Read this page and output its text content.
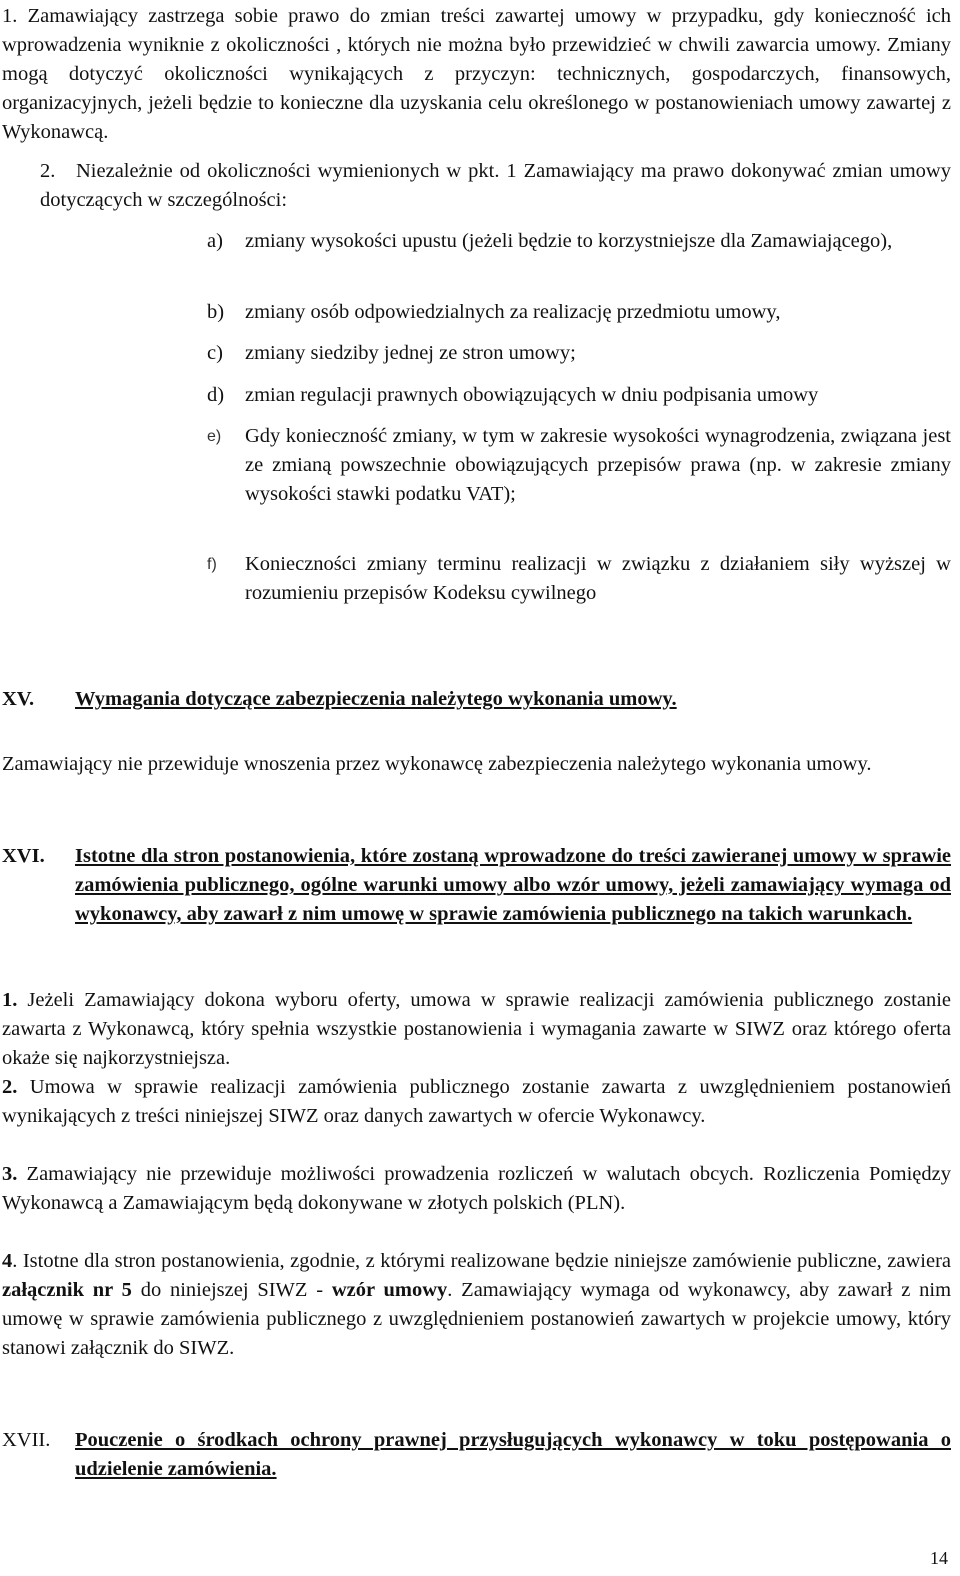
1. Zamawiający zastrzega sobie prawo do zmian treści zawartej umowy w przypadku, gdy konieczność ich wprowadzenia wyniknie z okoliczności , których nie można było przewidzieć w chwili zawarcia umowy. Zmiany mogą dotyczyć okoliczności wynikających z przyczyn: technicznych, gospodarczych, finansowych, organizacyjnych, jeżeli będzie to konieczne dla uzyskania celu określonego w postanowieniach umowy zawartej z Wykonawcą.
2. Niezależnie od okoliczności wymienionych w pkt. 1 Zamawiający ma prawo dokonywać zmian umowy dotyczących w szczególności:
a) zmiany wysokości upustu (jeżeli będzie to korzystniejsze dla Zamawiającego),
b) zmiany osób odpowiedzialnych za realizację przedmiotu umowy,
c) zmiany siedziby jednej ze stron umowy;
d) zmian regulacji prawnych obowiązujących w dniu podpisania umowy
e) Gdy konieczność zmiany, w tym w zakresie wysokości wynagrodzenia, związana jest ze zmianą powszechnie obowiązujących przepisów prawa (np. w zakresie zmiany wysokości stawki podatku VAT);
f) Konieczności zmiany terminu realizacji w związku z działaniem siły wyższej w rozumieniu przepisów Kodeksu cywilnego
XV. Wymagania dotyczące zabezpieczenia należytego wykonania umowy.
Zamawiający nie przewiduje wnoszenia przez wykonawcę zabezpieczenia należytego wykonania umowy.
XVI. Istotne dla stron postanowienia, które zostaną wprowadzone do treści zawieranej umowy w sprawie zamówienia publicznego, ogólne warunki umowy albo wzór umowy, jeżeli zamawiający wymaga od wykonawcy, aby zawarł z nim umowę w sprawie zamówienia publicznego na takich warunkach.
1. Jeżeli Zamawiający dokona wyboru oferty, umowa w sprawie realizacji zamówienia publicznego zostanie zawarta z Wykonawcą, który spełnia wszystkie postanowienia i wymagania zawarte w SIWZ oraz którego oferta okaże się najkorzystniejsza.
2. Umowa w sprawie realizacji zamówienia publicznego zostanie zawarta z uwzględnieniem postanowień wynikających z treści niniejszej SIWZ oraz danych zawartych w ofercie Wykonawcy.
3. Zamawiający nie przewiduje możliwości prowadzenia rozliczeń w walutach obcych. Rozliczenia Pomiędzy Wykonawcą a Zamawiającym będą dokonywane w złotych polskich (PLN).
4. Istotne dla stron postanowienia, zgodnie, z którymi realizowane będzie niniejsze zamówienie publiczne, zawiera załącznik nr 5 do niniejszej SIWZ - wzór umowy. Zamawiający wymaga od wykonawcy, aby zawarł z nim umowę w sprawie zamówienia publicznego z uwzględnieniem postanowień zawartych w projekcie umowy, który stanowi załącznik do SIWZ.
XVII. Pouczenie o środkach ochrony prawnej przysługujących wykonawcy w toku postępowania o udzielenie zamówienia.
14
